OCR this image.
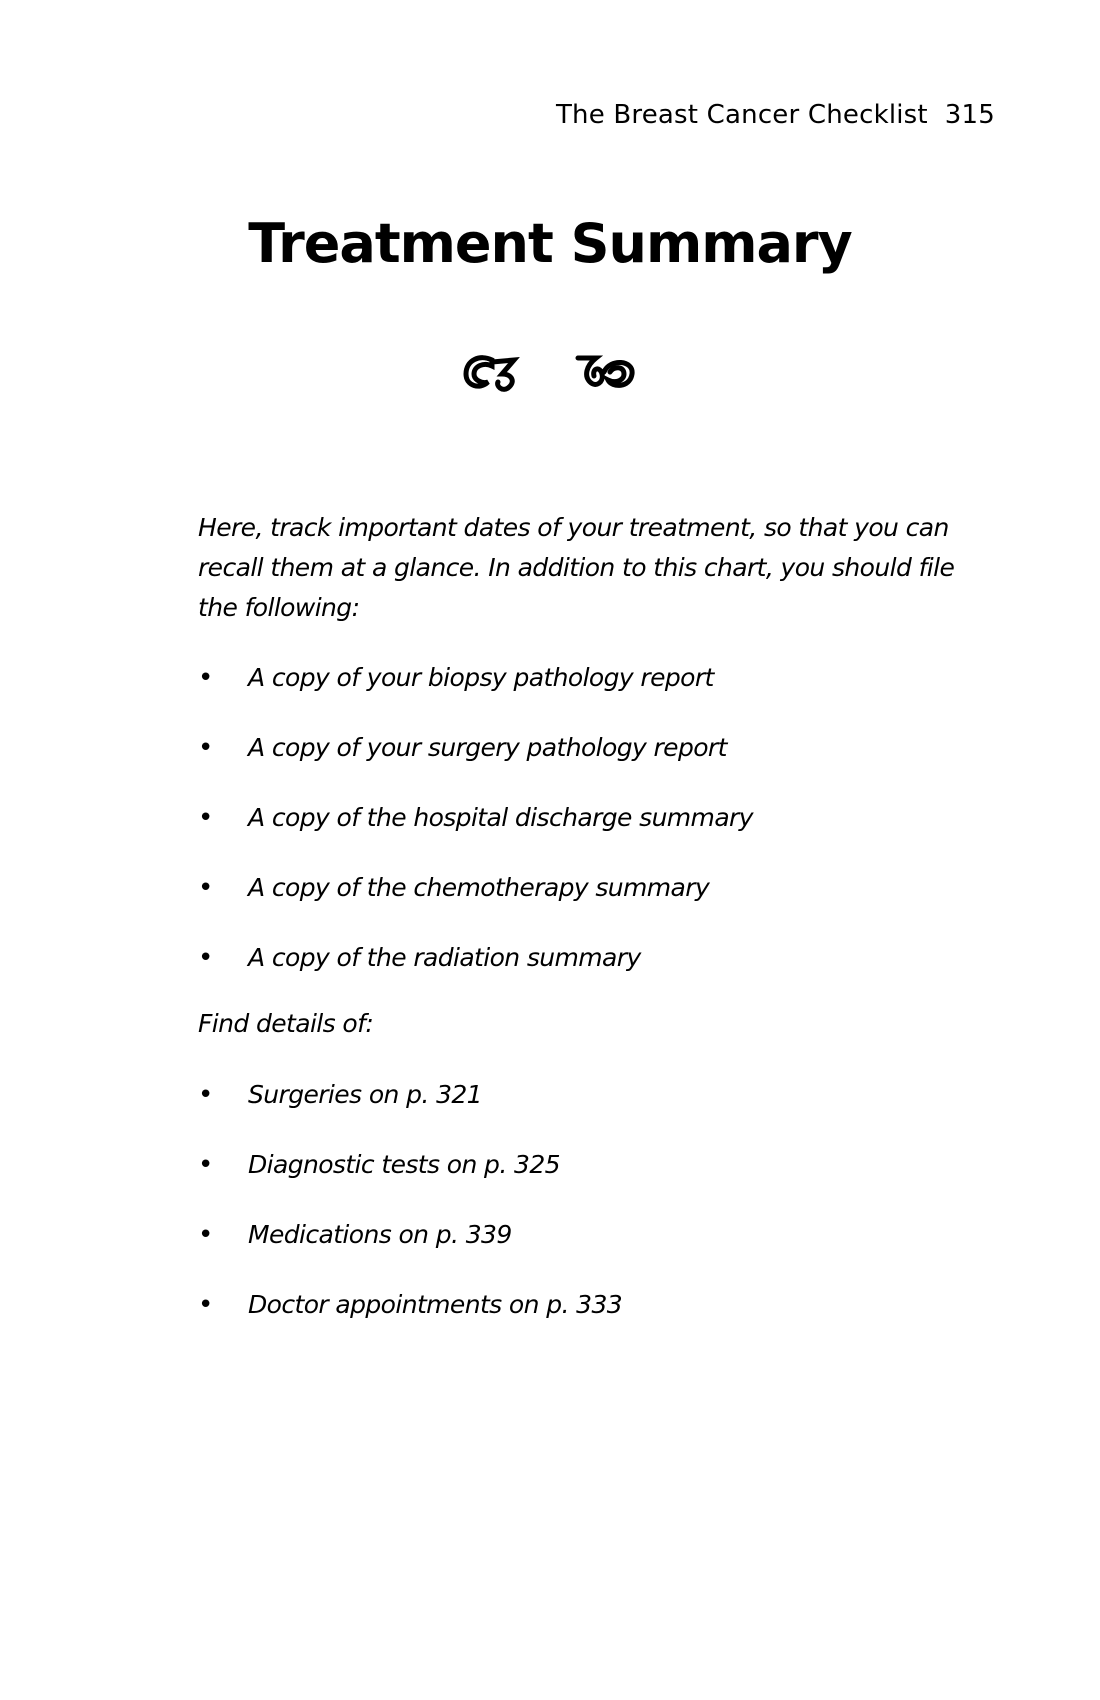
The Breast Cancer Checklist 315
Treatment Summary

Here, track important dates of your treatment, so that you can recall them at a glance. In addition to this chart, you should file the following:
• A copy of your biopsy pathology report
• A copy of your surgery pathology report
• A copy of the hospital discharge summary
• A copy of the chemotherapy summary
• A copy of the radiation summary
Find details of:
• Surgeries on p. 321
• Diagnostic tests on p. 325
• Medications on p. 339
• Doctor appointments on p. 333
